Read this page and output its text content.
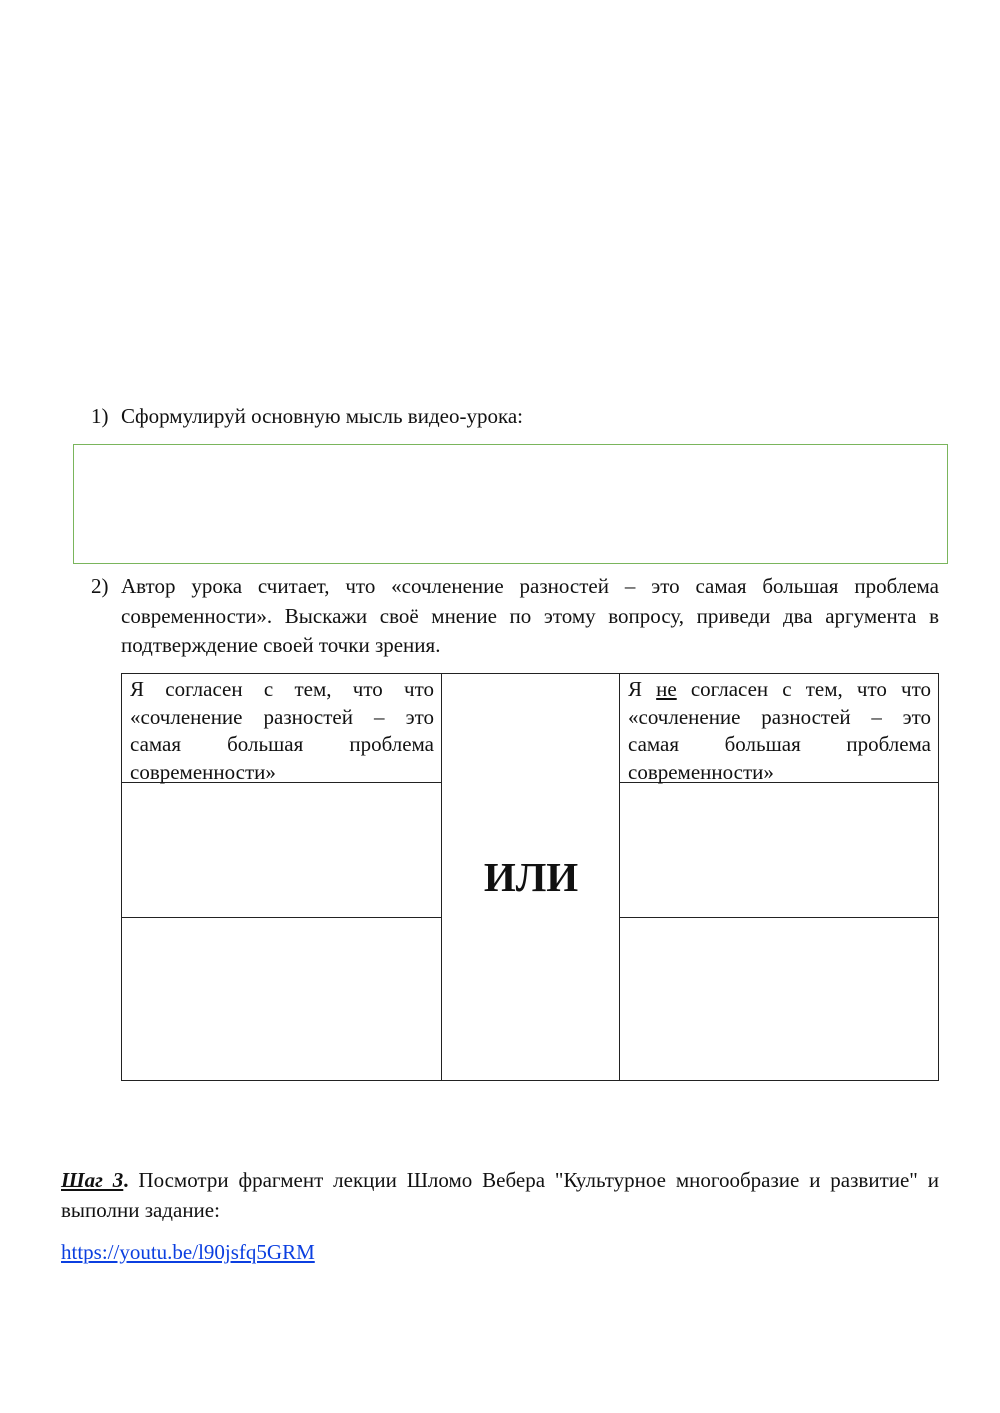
1) Сформулируй основную мысль видео-урока:
2) Автор урока считает, что «сочленение разностей – это самая большая проблема современности». Выскажи своё мнение по этому вопросу, приведи два аргумента в подтверждение своей точки зрения.
Я согласен с тем, что что «сочленение разностей – это самая большая проблема современности»
Я не согласен с тем, что что «сочленение разностей – это самая большая проблема современности»
ИЛИ
Шаг 3. Посмотри фрагмент лекции Шломо Вебера "Культурное многообразие и развитие" и выполни задание:
https://youtu.be/l90jsfq5GRM
